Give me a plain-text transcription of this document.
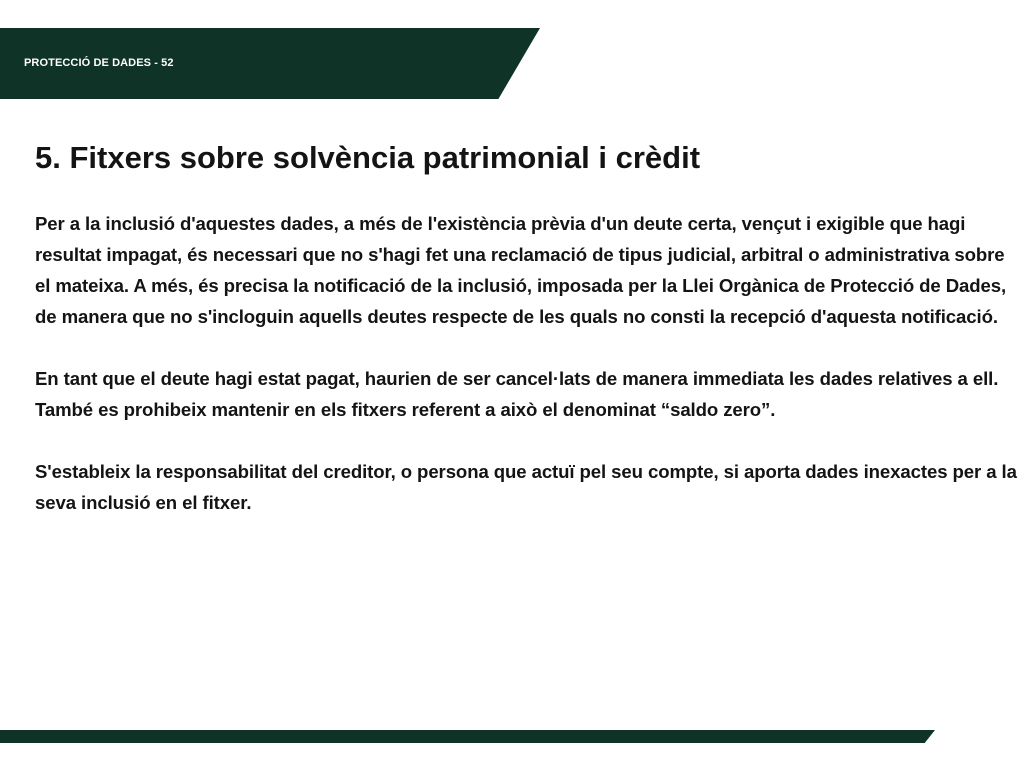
PROTECCIÓ DE DADES - 52
5. Fitxers sobre solvència patrimonial i crèdit

Per a la inclusió d'aquestes dades, a més de l'existència prèvia d'un deute certa, vençut i exigible que hagi resultat impagat, és necessari que no s'hagi fet una reclamació de tipus judicial, arbitral o administrativa sobre el mateixa. A més, és precisa la notificació de la inclusió, imposada per la Llei Orgànica de Protecció de Dades, de manera que no s'incloguin aquells deutes respecte de les quals no consti la recepció d'aquesta notificació.

En tant que el deute hagi estat pagat, haurien de ser cancel·lats de manera immediata les dades relatives a ell. També es prohibeix mantenir en els fitxers referent a això el denominat “saldo zero”.

S'estableix la responsabilitat del creditor, o persona que actuï pel seu compte, si aporta dades inexactes per a la seva inclusió en el fitxer.
